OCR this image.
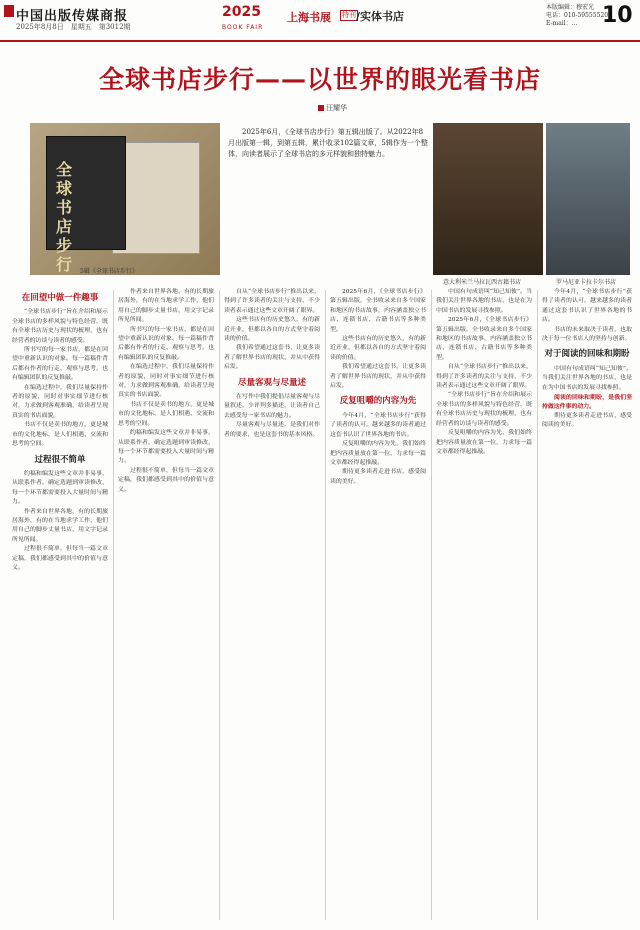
中国出版传媒商报
2025年8月8日　星期五　第3012期
2025
BOOK FAIR
上海书展 特刊 /实体书店
本版编辑：穆宏光
电话：010-59555520
E-mail：…	10
全球书店步行——以世界的眼光看书店
汪耀华
全球书店步行	5辑《全球书店步行》

2025年6月，《全球书店步行》第五辑出版了。从2022年8月出版第一辑，到第五辑，累计收录102篇文章，5辑作为一个整体，向读者展示了全球书店的多元样貌和独特魅力。

意大利米兰马拉瓦西古籍书店	罗马尼亚卡拉卡尔书店
在回望中做一件趣事

“全球书店步行”旨在介绍和展示全球书店的多样风貌与特色经营，既有全球书店历史与现状的梳理，也有经营者的访谈与读者的感受。

所书写的每一家书店，都是在回望中重新认识的对象。每一篇稿件背后都有作者的行走、观察与思考，也有编辑团队的反复推敲。

在编选过程中，我们尽量保持作者的原貌，同时对事实细节进行核对，力求做到客观准确，给读者呈现真实的书店面貌。

书店不仅是卖书的地方，更是城市的文化地标，是人们相遇、交流和思考的空间。

过程很不简单

约稿和编发这些文章并非易事，从联系作者、确定选题到审读修改，每一个环节都需要投入大量时间与精力。

作者来自世界各地，有的长期旅居海外，有的在当地求学工作，他们用自己的脚步丈量书店，用文字记录所见所闻。

过程很不简单，但每当一篇文章定稿，我们都感受到其中的价值与意义。

作者来自世界各地，有的长期旅居海外，有的在当地求学工作，他们用自己的脚步丈量书店，用文字记录所见所闻。

所书写的每一家书店，都是在回望中重新认识的对象。每一篇稿件背后都有作者的行走、观察与思考，也有编辑团队的反复推敲。

在编选过程中，我们尽量保持作者的原貌，同时对事实细节进行核对，力求做到客观准确，给读者呈现真实的书店面貌。

书店不仅是卖书的地方，更是城市的文化地标，是人们相遇、交流和思考的空间。

约稿和编发这些文章并非易事，从联系作者、确定选题到审读修改，每一个环节都需要投入大量时间与精力。

过程很不简单，但每当一篇文章定稿，我们都感受到其中的价值与意义。

自从“全球书店步行”推出以来，得到了许多读者的关注与支持，不少读者表示通过这些文章开阔了眼界。

这些书店有的历史悠久，有的新近开业，但都以各自的方式坚守着阅读的价值。

我们希望通过这套书，让更多读者了解世界书店的现状，并从中获得启发。

尽量客观与尽量述

在写作中我们提倡尽量客观与尽量叙述，少评判多描述，让读者自己去感受每一家书店的魅力。

尽量客观与尽量述，是我们对作者的要求，也是这套书的基本风格。

2025年6月，《全球书店步行》第五辑出版，全书收录来自多个国家和地区的书店故事，内容涵盖独立书店、连锁书店、古籍书店等多种类型。

这些书店有的历史悠久，有的新近开业，但都以各自的方式坚守着阅读的价值。

我们希望通过这套书，让更多读者了解世界书店的现状，并从中获得启发。

反复咀嚼的内容为先

今年4月，“全球书店步行”获得了读者的认可，越来越多的读者通过这套书认识了世界各地的书店。

反复咀嚼的内容为先，我们始终把内容质量放在第一位，力求每一篇文章都经得起推敲。

期待更多读者走进书店，感受阅读的美好。

中国有句成语叫“知己知彼”。当我们关注世界各地的书店，也是在为中国书店的发展寻找参照。

2025年6月，《全球书店步行》第五辑出版，全书收录来自多个国家和地区的书店故事，内容涵盖独立书店、连锁书店、古籍书店等多种类型。

自从“全球书店步行”推出以来，得到了许多读者的关注与支持，不少读者表示通过这些文章开阔了眼界。

“全球书店步行”旨在介绍和展示全球书店的多样风貌与特色经营，既有全球书店历史与现状的梳理，也有经营者的访谈与读者的感受。

反复咀嚼的内容为先，我们始终把内容质量放在第一位，力求每一篇文章都经得起推敲。

今年4月，“全球书店步行”获得了读者的认可，越来越多的读者通过这套书认识了世界各地的书店。

书店的未来取决于读者，也取决于每一位书店人的坚持与创新。

对于阅读的回味和期盼

中国有句成语叫“知己知彼”。当我们关注世界各地的书店，也是在为中国书店的发展寻找参照。

阅读的回味和期盼，是我们坚持做这件事的动力。

期待更多读者走进书店，感受阅读的美好。
